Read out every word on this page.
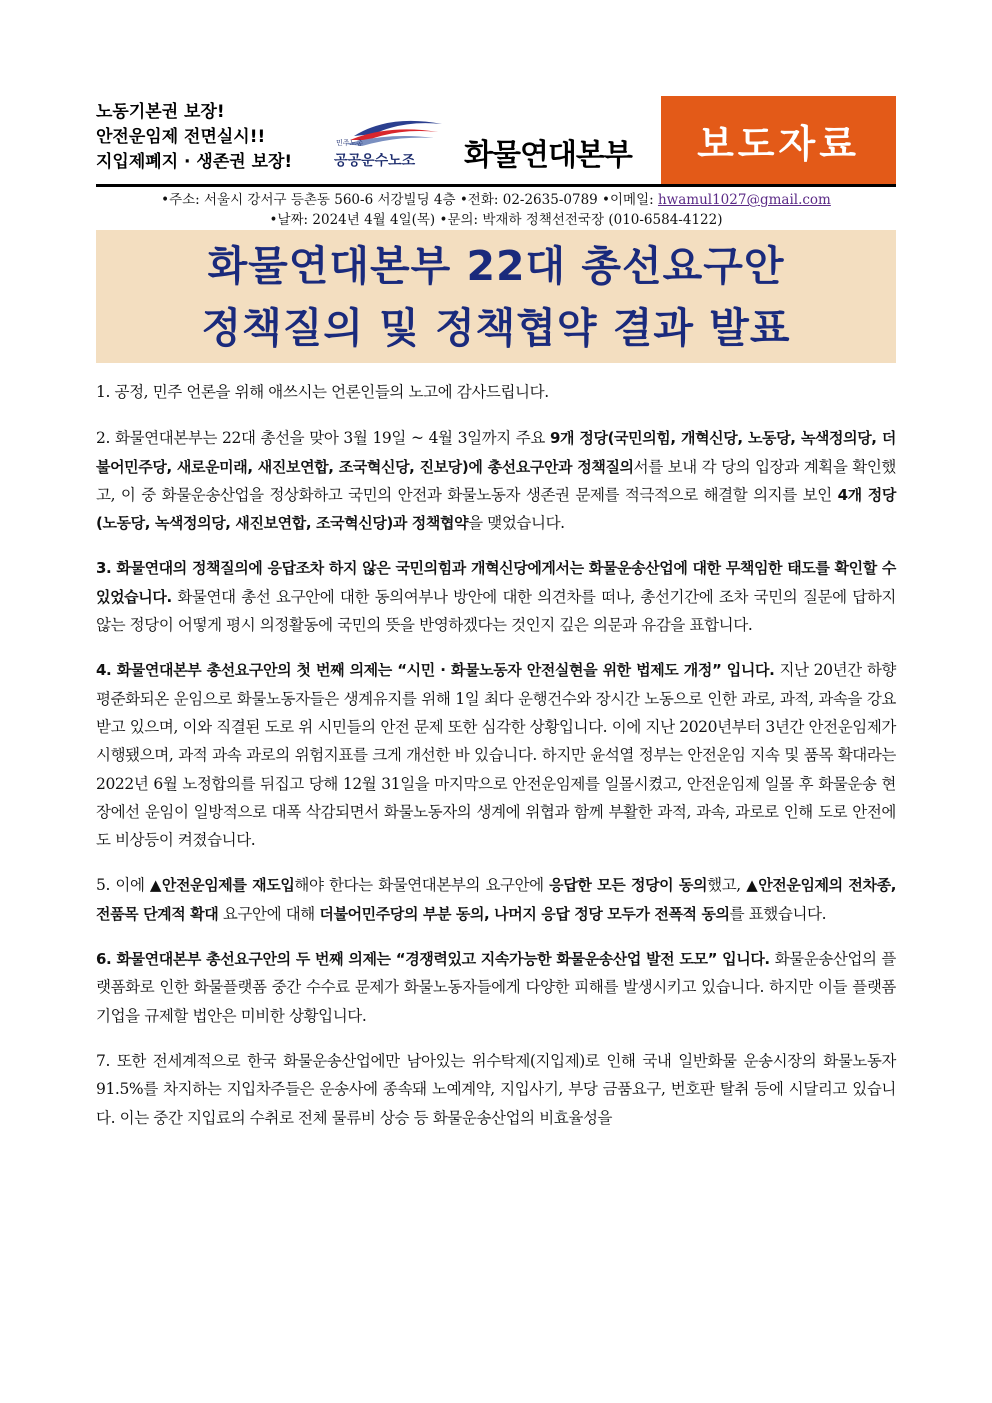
노동기본권 보장!
안전운임제 전면실시!!
지입제폐지 · 생존권 보장!
민주노총
공공운수노조 화물연대본부 보도자료
•주소: 서울시 강서구 등촌동 560-6 서강빌딩 4층 •전화: 02-2635-0789 •이메일: hwamul1027@gmail.com
•날짜: 2024년 4월 4일(목) •문의: 박재하 정책선전국장 (010-6584-4122)
화물연대본부 22대 총선요구안
정책질의 및 정책협약 결과 발표

1. 공정, 민주 언론을 위해 애쓰시는 언론인들의 노고에 감사드립니다.

2. 화물연대본부는 22대 총선을 맞아 3월 19일 ~ 4월 3일까지 주요 9개 정당(국민의힘, 개혁신당, 노동당, 녹색정의당, 더불어민주당, 새로운미래, 새진보연합, 조국혁신당, 진보당)에 총선요구안과 정책질의서를 보내 각 당의 입장과 계획을 확인했고, 이 중 화물운송산업을 정상화하고 국민의 안전과 화물노동자 생존권 문제를 적극적으로 해결할 의지를 보인 4개 정당(노동당, 녹색정의당, 새진보연합, 조국혁신당)과 정책협약을 맺었습니다.

3. 화물연대의 정책질의에 응답조차 하지 않은 국민의힘과 개혁신당에게서는 화물운송산업에 대한 무책임한 태도를 확인할 수 있었습니다. 화물연대 총선 요구안에 대한 동의여부나 방안에 대한 의견차를 떠나, 총선기간에 조차 국민의 질문에 답하지 않는 정당이 어떻게 평시 의정활동에 국민의 뜻을 반영하겠다는 것인지 깊은 의문과 유감을 표합니다.

4. 화물연대본부 총선요구안의 첫 번째 의제는 “시민 · 화물노동자 안전실현을 위한 법제도 개정” 입니다. 지난 20년간 하향평준화되온 운임으로 화물노동자들은 생계유지를 위해 1일 최다 운행건수와 장시간 노동으로 인한 과로, 과적, 과속을 강요받고 있으며, 이와 직결된 도로 위 시민들의 안전 문제 또한 심각한 상황입니다. 이에 지난 2020년부터 3년간 안전운임제가 시행됐으며, 과적 과속 과로의 위험지표를 크게 개선한 바 있습니다. 하지만 윤석열 정부는 안전운임 지속 및 품목 확대라는 2022년 6월 노정합의를 뒤집고 당해 12월 31일을 마지막으로 안전운임제를 일몰시켰고, 안전운임제 일몰 후 화물운송 현장에선 운임이 일방적으로 대폭 삭감되면서 화물노동자의 생계에 위협과 함께 부활한 과적, 과속, 과로로 인해 도로 안전에도 비상등이 켜졌습니다.

5. 이에 ▲안전운임제를 재도입해야 한다는 화물연대본부의 요구안에 응답한 모든 정당이 동의했고, ▲안전운임제의 전차종, 전품목 단계적 확대 요구안에 대해 더불어민주당의 부분 동의, 나머지 응답 정당 모두가 전폭적 동의를 표했습니다.

6. 화물연대본부 총선요구안의 두 번째 의제는 “경쟁력있고 지속가능한 화물운송산업 발전 도모” 입니다. 화물운송산업의 플랫폼화로 인한 화물플랫폼 중간 수수료 문제가 화물노동자들에게 다양한 피해를 발생시키고 있습니다. 하지만 이들 플랫폼기업을 규제할 법안은 미비한 상황입니다.

7. 또한 전세계적으로 한국 화물운송산업에만 남아있는 위수탁제(지입제)로 인해 국내 일반화물 운송시장의 화물노동자 91.5%를 차지하는 지입차주들은 운송사에 종속돼 노예계약, 지입사기, 부당 금품요구, 번호판 탈취 등에 시달리고 있습니다. 이는 중간 지입료의 수취로 전체 물류비 상승 등 화물운송산업의 비효율성을
